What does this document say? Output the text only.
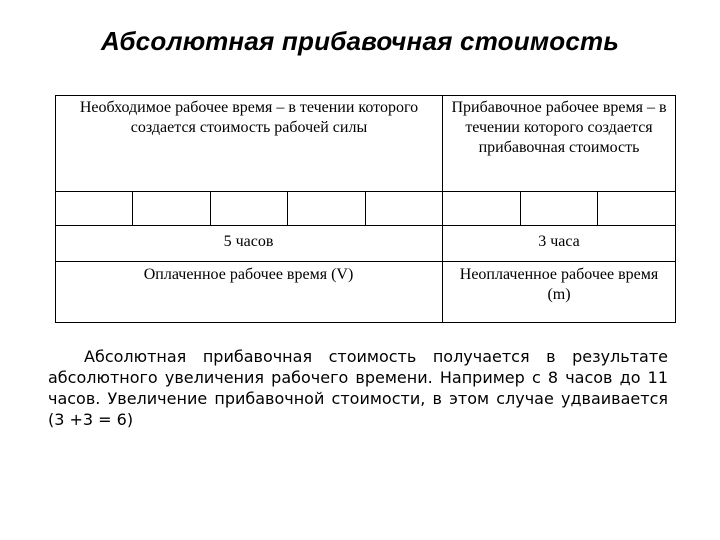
Абсолютная прибавочная стоимость
Необходимое рабочее время – в течении которого создается стоимость рабочей силы
Прибавочное рабочее время – в течении которого создается прибавочная стоимость
5 часов	3 часа
Оплаченное рабочее время (V)	Неоплаченное рабочее время (m)
Абсолютная прибавочная стоимость получается в результате абсолютного увеличения рабочего времени. Например с 8 часов до 11 часов. Увеличение прибавочной стоимости, в этом случае удваивается (3 +3 = 6)
